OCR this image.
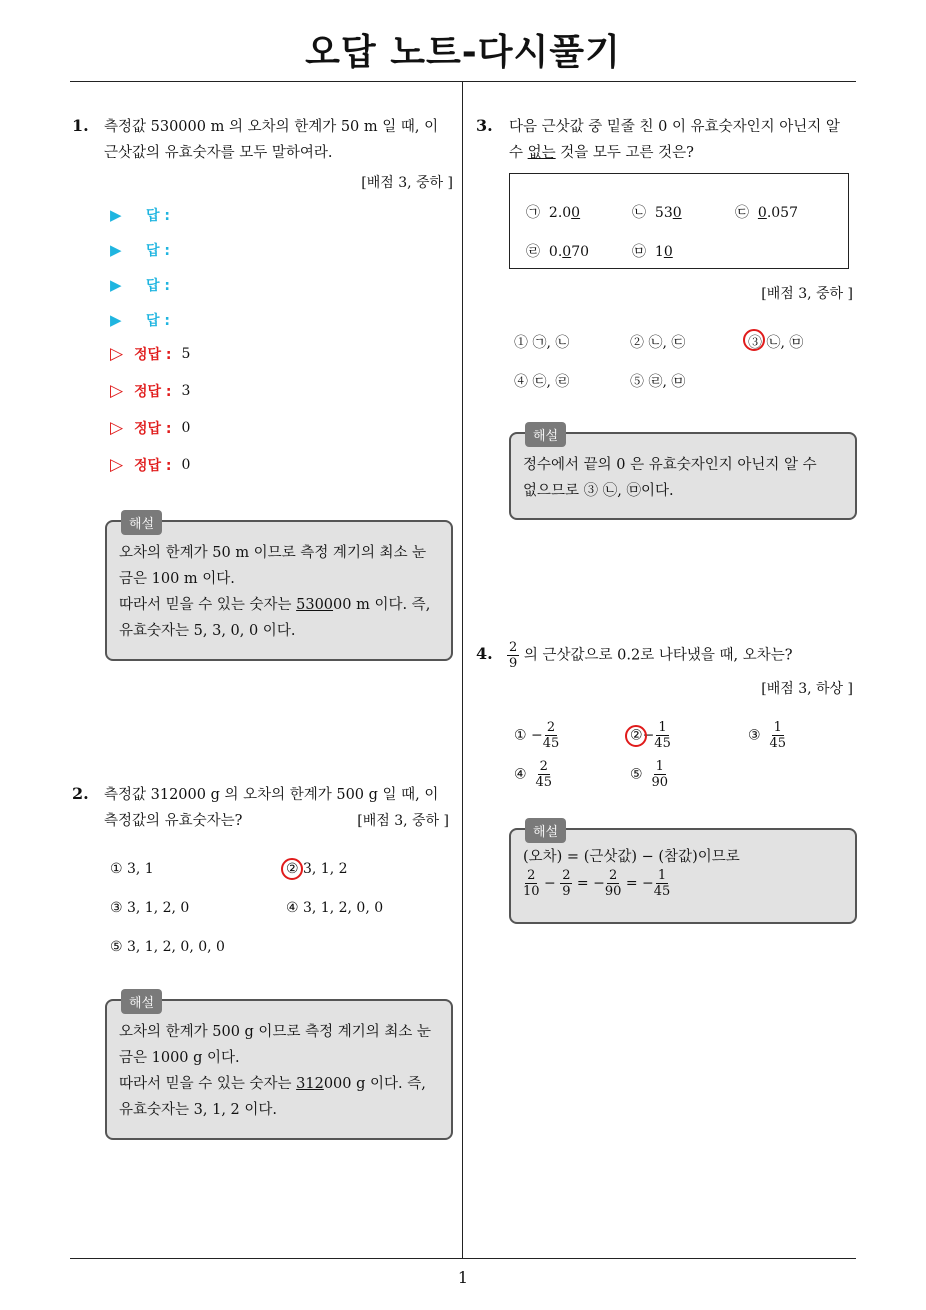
오답 노트-다시풀기
1
1. 측정값 530000 m 의 오차의 한계가 50 m 일 때, 이
근삿값의 유효숫자를 모두 말하여라.
[배점 3, 중하 ]
▶	답 :
▶	답 :
▶	답 :
▶	답 :
▷ 정답 : 5
▷ 정답 : 3
▷ 정답 : 0
▷ 정답 : 0
해설
오차의 한계가 50 m 이므로 측정 계기의 최소 눈
금은 100 m 이다.
따라서 믿을 수 있는 숫자는 530000 m 이다. 즉,
유효숫자는 5, 3, 0, 0 이다.
2. 측정값 312000 g 의 오차의 한계가 500 g 일 때, 이
측정값의 유효숫자는?	[배점 3, 중하 ]
① 3, 1	② 3, 1, 2
③ 3, 1, 2, 0	④ 3, 1, 2, 0, 0
⑤ 3, 1, 2, 0, 0, 0
해설
오차의 한계가 500 g 이므로 측정 계기의 최소 눈
금은 1000 g 이다.
따라서 믿을 수 있는 숫자는 312000 g 이다. 즉,
유효숫자는 3, 1, 2 이다.
3. 다음 근삿값 중 밑줄 친 0 이 유효숫자인지 아닌지 알
수 없는 것을 모두 고른 것은?
㉠ 2.00	㉡ 530	㉢ 0.057
㉣ 0.070	㉤ 10
[배점 3, 중하 ]
① ㉠, ㉡	② ㉡, ㉢	③ ㉡, ㉤
④ ㉢, ㉣	⑤ ㉣, ㉤
해설
정수에서 끝의 0 은 유효숫자인지 아닌지 알 수
없으므로 ③ ㉡, ㉤이다.
4. $\frac{2}{9}$ 의 근삿값으로 0.2로 나타냈을 때, 오차는?
[배점 3, 하상 ]
① − $\frac{2}{45}$	②− $\frac{1}{45}$	③ $\frac{1}{45}$
④ $\frac{2}{45}$	⑤ $\frac{1}{90}$
해설
(오차) = (근삿값) − (참값)이므로
$\frac{2}{10} - \frac{2}{9}$ = − $\frac{2}{90}$ = − $\frac{1}{45}$
